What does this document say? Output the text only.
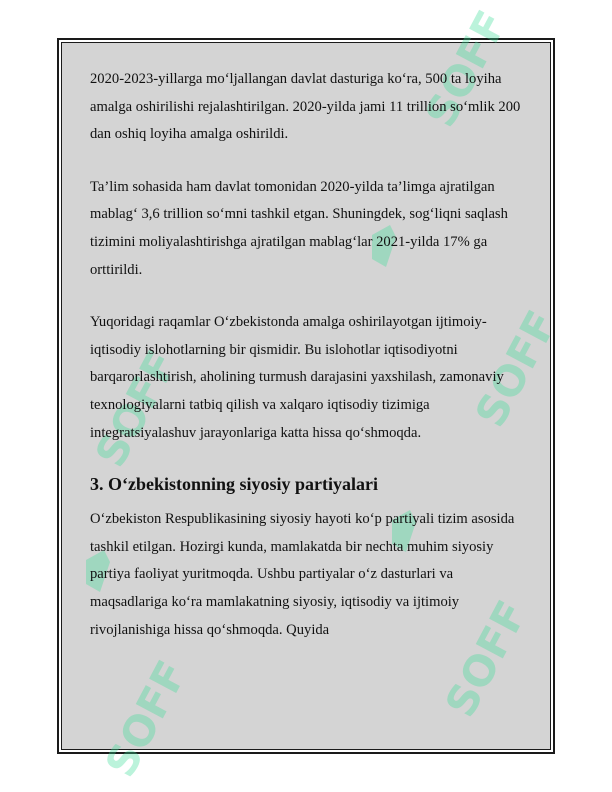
SOFF
SOFF
SOFF
SOFF
SOFF

2020-2023-yillarga mo‘ljallangan davlat dasturiga ko‘ra, 500 ta loyiha amalga oshirilishi rejalashtirilgan. 2020-yilda jami 11 trillion so‘mlik 200 dan oshiq loyiha amalga oshirildi.

Ta’lim sohasida ham davlat tomonidan 2020-yilda ta’limga ajratilgan mablag‘ 3,6 trillion so‘mni tashkil etgan. Shuningdek, sog‘liqni saqlash tizimini moliyalashtirishga ajratilgan mablag‘lar 2021-yilda 17% ga orttirildi.

Yuqoridagi raqamlar O‘zbekistonda amalga oshirilayotgan ijtimoiy-iqtisodiy islohotlarning bir qismidir. Bu islohotlar iqtisodiyotni barqarorlashtirish, aholining turmush darajasini yaxshilash, zamonaviy texnologiyalarni tatbiq qilish va xalqaro iqtisodiy tizimiga integratsiyalashuv jarayonlariga katta hissa qo‘shmoqda.

3. O‘zbekistonning siyosiy partiyalari

O‘zbekiston Respublikasining siyosiy hayoti ko‘p partiyali tizim asosida tashkil etilgan. Hozirgi kunda, mamlakatda bir nechta muhim siyosiy partiya faoliyat yuritmoqda. Ushbu partiyalar o‘z dasturlari va maqsadlariga ko‘ra mamlakatning siyosiy, iqtisodiy va ijtimoiy rivojlanishiga hissa qo‘shmoqda. Quyida
